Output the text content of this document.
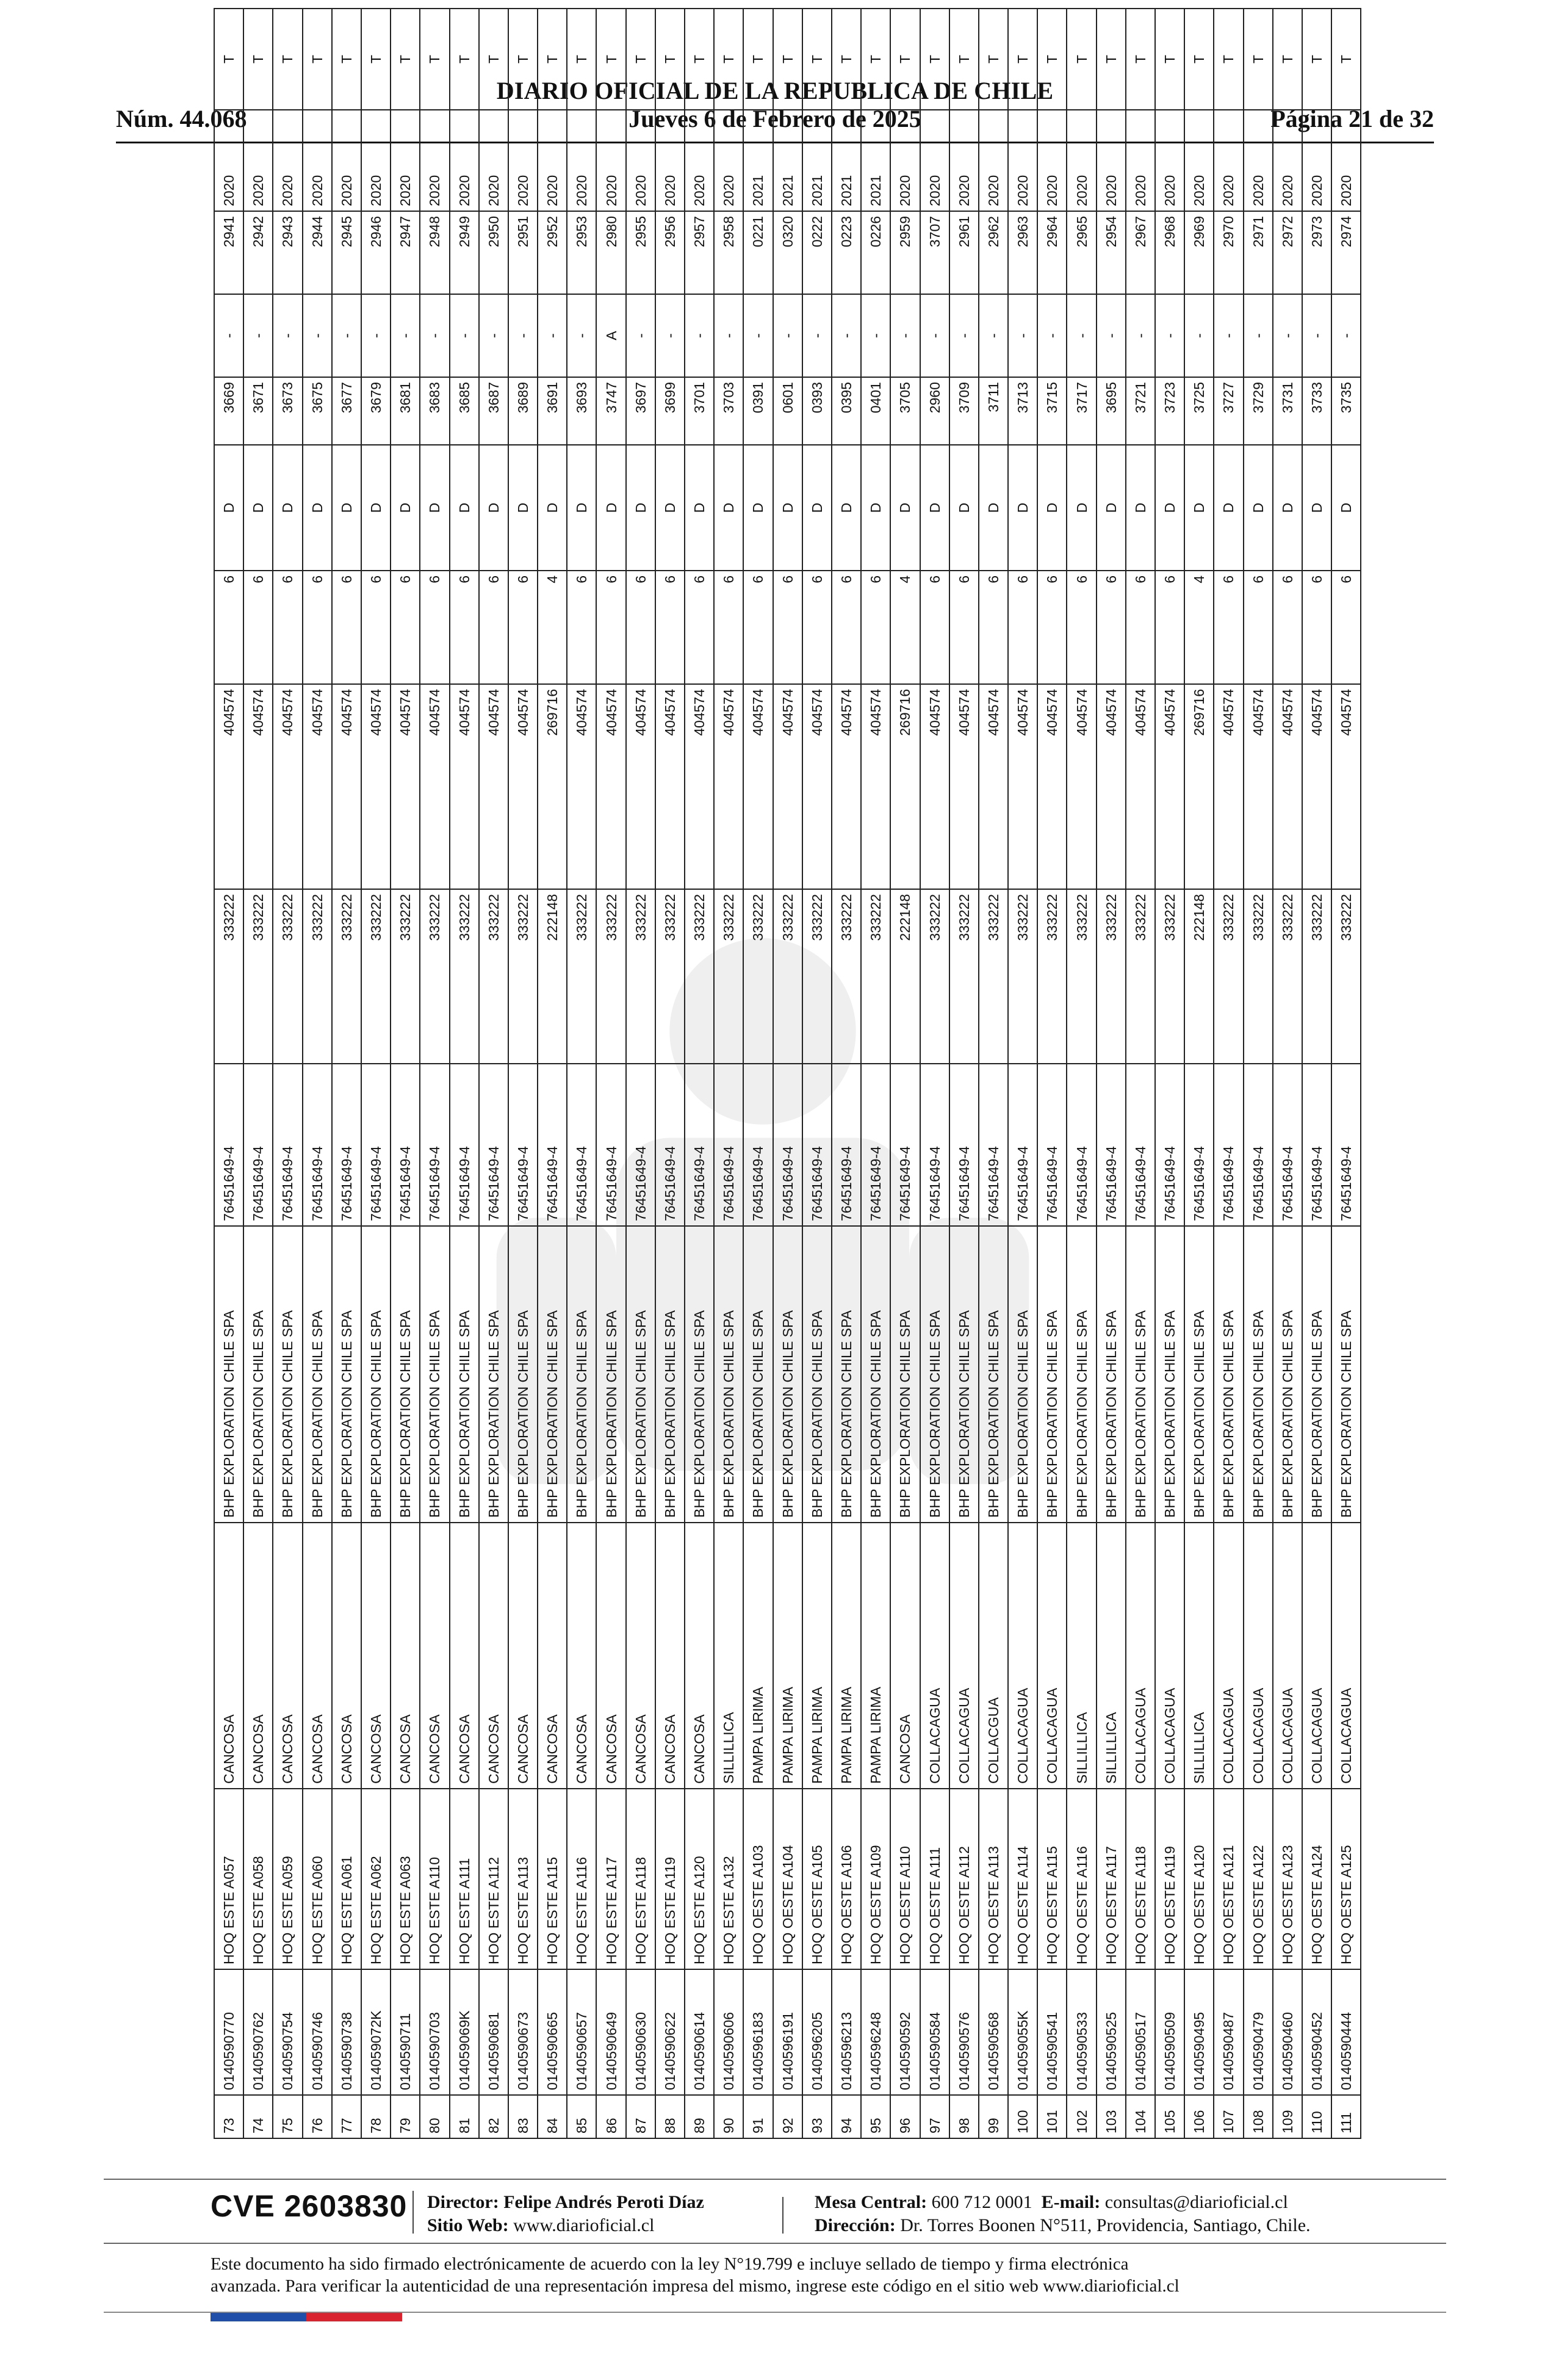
DIARIO OFICIAL DE LA REPUBLICA DE CHILE
Núm. 44.068	Jueves 6 de Febrero de 2025	Página 21 de 32
73	0140590770	HOQ ESTE A057	CANCOSA	BHP EXPLORATION CHILE SPA	76451649-4	333222	404574	6	D	3669	-	2941	2020	T
74	0140590762	HOQ ESTE A058	CANCOSA	BHP EXPLORATION CHILE SPA	76451649-4	333222	404574	6	D	3671	-	2942	2020	T
75	0140590754	HOQ ESTE A059	CANCOSA	BHP EXPLORATION CHILE SPA	76451649-4	333222	404574	6	D	3673	-	2943	2020	T
76	0140590746	HOQ ESTE A060	CANCOSA	BHP EXPLORATION CHILE SPA	76451649-4	333222	404574	6	D	3675	-	2944	2020	T
77	0140590738	HOQ ESTE A061	CANCOSA	BHP EXPLORATION CHILE SPA	76451649-4	333222	404574	6	D	3677	-	2945	2020	T
78	014059072K	HOQ ESTE A062	CANCOSA	BHP EXPLORATION CHILE SPA	76451649-4	333222	404574	6	D	3679	-	2946	2020	T
79	0140590711	HOQ ESTE A063	CANCOSA	BHP EXPLORATION CHILE SPA	76451649-4	333222	404574	6	D	3681	-	2947	2020	T
80	0140590703	HOQ ESTE A110	CANCOSA	BHP EXPLORATION CHILE SPA	76451649-4	333222	404574	6	D	3683	-	2948	2020	T
81	014059069K	HOQ ESTE A111	CANCOSA	BHP EXPLORATION CHILE SPA	76451649-4	333222	404574	6	D	3685	-	2949	2020	T
82	0140590681	HOQ ESTE A112	CANCOSA	BHP EXPLORATION CHILE SPA	76451649-4	333222	404574	6	D	3687	-	2950	2020	T
83	0140590673	HOQ ESTE A113	CANCOSA	BHP EXPLORATION CHILE SPA	76451649-4	333222	404574	6	D	3689	-	2951	2020	T
84	0140590665	HOQ ESTE A115	CANCOSA	BHP EXPLORATION CHILE SPA	76451649-4	222148	269716	4	D	3691	-	2952	2020	T
85	0140590657	HOQ ESTE A116	CANCOSA	BHP EXPLORATION CHILE SPA	76451649-4	333222	404574	6	D	3693	-	2953	2020	T
86	0140590649	HOQ ESTE A117	CANCOSA	BHP EXPLORATION CHILE SPA	76451649-4	333222	404574	6	D	3747	A	2980	2020	T
87	0140590630	HOQ ESTE A118	CANCOSA	BHP EXPLORATION CHILE SPA	76451649-4	333222	404574	6	D	3697	-	2955	2020	T
88	0140590622	HOQ ESTE A119	CANCOSA	BHP EXPLORATION CHILE SPA	76451649-4	333222	404574	6	D	3699	-	2956	2020	T
89	0140590614	HOQ ESTE A120	CANCOSA	BHP EXPLORATION CHILE SPA	76451649-4	333222	404574	6	D	3701	-	2957	2020	T
90	0140590606	HOQ ESTE A132	SILLILLICA	BHP EXPLORATION CHILE SPA	76451649-4	333222	404574	6	D	3703	-	2958	2020	T
91	0140596183	HOQ OESTE A103	PAMPA LIRIMA	BHP EXPLORATION CHILE SPA	76451649-4	333222	404574	6	D	0391	-	0221	2021	T
92	0140596191	HOQ OESTE A104	PAMPA LIRIMA	BHP EXPLORATION CHILE SPA	76451649-4	333222	404574	6	D	0601	-	0320	2021	T
93	0140596205	HOQ OESTE A105	PAMPA LIRIMA	BHP EXPLORATION CHILE SPA	76451649-4	333222	404574	6	D	0393	-	0222	2021	T
94	0140596213	HOQ OESTE A106	PAMPA LIRIMA	BHP EXPLORATION CHILE SPA	76451649-4	333222	404574	6	D	0395	-	0223	2021	T
95	0140596248	HOQ OESTE A109	PAMPA LIRIMA	BHP EXPLORATION CHILE SPA	76451649-4	333222	404574	6	D	0401	-	0226	2021	T
96	0140590592	HOQ OESTE A110	CANCOSA	BHP EXPLORATION CHILE SPA	76451649-4	222148	269716	4	D	3705	-	2959	2020	T
97	0140590584	HOQ OESTE A111	COLLACAGUA	BHP EXPLORATION CHILE SPA	76451649-4	333222	404574	6	D	2960	-	3707	2020	T
98	0140590576	HOQ OESTE A112	COLLACAGUA	BHP EXPLORATION CHILE SPA	76451649-4	333222	404574	6	D	3709	-	2961	2020	T
99	0140590568	HOQ OESTE A113	COLLACGUA	BHP EXPLORATION CHILE SPA	76451649-4	333222	404574	6	D	3711	-	2962	2020	T
100	014059055K	HOQ OESTE A114	COLLACAGUA	BHP EXPLORATION CHILE SPA	76451649-4	333222	404574	6	D	3713	-	2963	2020	T
101	0140590541	HOQ OESTE A115	COLLACAGUA	BHP EXPLORATION CHILE SPA	76451649-4	333222	404574	6	D	3715	-	2964	2020	T
102	0140590533	HOQ OESTE A116	SILLILLICA	BHP EXPLORATION CHILE SPA	76451649-4	333222	404574	6	D	3717	-	2965	2020	T
103	0140590525	HOQ OESTE A117	SILLILLICA	BHP EXPLORATION CHILE SPA	76451649-4	333222	404574	6	D	3695	-	2954	2020	T
104	0140590517	HOQ OESTE A118	COLLACAGUA	BHP EXPLORATION CHILE SPA	76451649-4	333222	404574	6	D	3721	-	2967	2020	T
105	0140590509	HOQ OESTE A119	COLLACAGUA	BHP EXPLORATION CHILE SPA	76451649-4	333222	404574	6	D	3723	-	2968	2020	T
106	0140590495	HOQ OESTE A120	SILLILLICA	BHP EXPLORATION CHILE SPA	76451649-4	222148	269716	4	D	3725	-	2969	2020	T
107	0140590487	HOQ OESTE A121	COLLACAGUA	BHP EXPLORATION CHILE SPA	76451649-4	333222	404574	6	D	3727	-	2970	2020	T
108	0140590479	HOQ OESTE A122	COLLACAGUA	BHP EXPLORATION CHILE SPA	76451649-4	333222	404574	6	D	3729	-	2971	2020	T
109	0140590460	HOQ OESTE A123	COLLACAGUA	BHP EXPLORATION CHILE SPA	76451649-4	333222	404574	6	D	3731	-	2972	2020	T
110	0140590452	HOQ OESTE A124	COLLACAGUA	BHP EXPLORATION CHILE SPA	76451649-4	333222	404574	6	D	3733	-	2973	2020	T
111	0140590444	HOQ OESTE A125	COLLACAGUA	BHP EXPLORATION CHILE SPA	76451649-4	333222	404574	6	D	3735	-	2974	2020	T
CVE 2603830 Director: Felipe Andrés Peroti Díaz
Sitio Web: www.diarioficial.cl
Mesa Central: 600 712 0001 E-mail: consultas@diarioficial.cl
Dirección: Dr. Torres Boonen N°511, Providencia, Santiago, Chile.
Este documento ha sido firmado electrónicamente de acuerdo con la ley N°19.799 e incluye sellado de tiempo y firma electrónica
avanzada. Para verificar la autenticidad de una representación impresa del mismo, ingrese este código en el sitio web www.diarioficial.cl
